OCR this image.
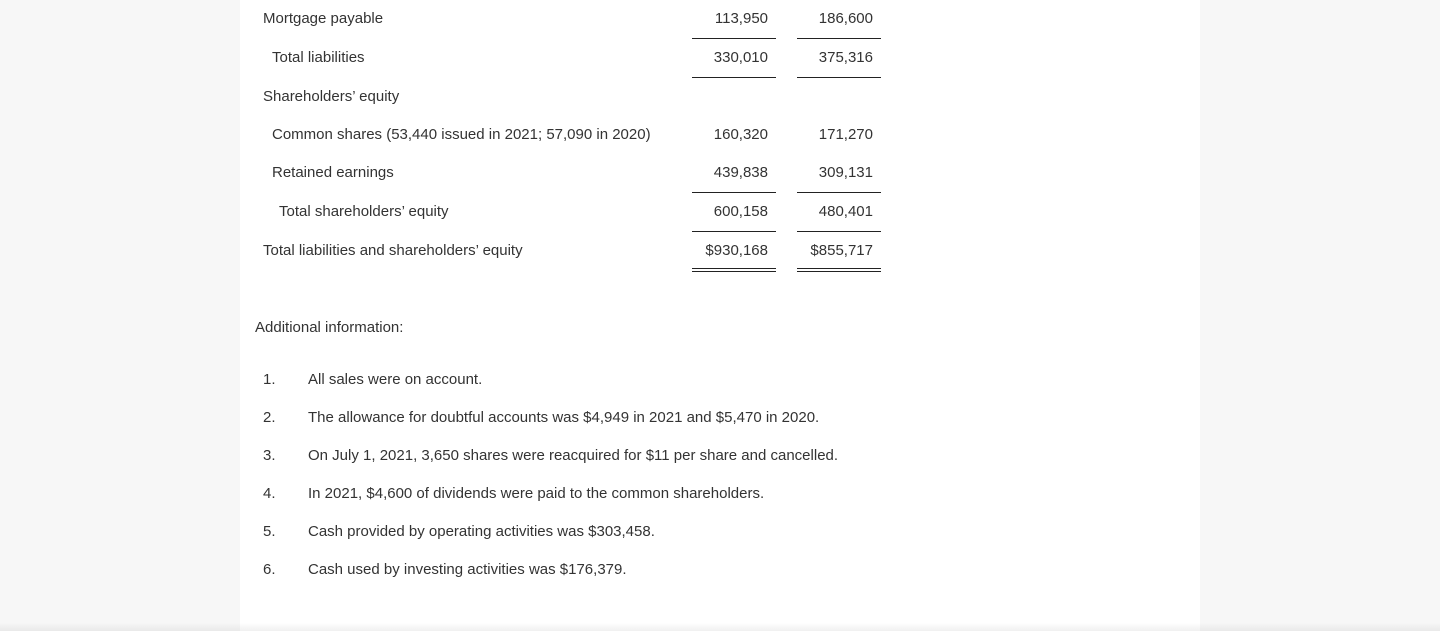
Mortgage payable	113,950	186,600
Total liabilities	330,010	375,316
Shareholders’ equity
Common shares (53,440 issued in 2021; 57,090 in 2020)	160,320	171,270
Retained earnings	439,838	309,131
Total shareholders’ equity	600,158	480,401
Total liabilities and shareholders’ equity	$930,168	$855,717
Additional information:
1. All sales were on account.
2. The allowance for doubtful accounts was $4,949 in 2021 and $5,470 in 2020.
3. On July 1, 2021, 3,650 shares were reacquired for $11 per share and cancelled.
4. In 2021, $4,600 of dividends were paid to the common shareholders.
5. Cash provided by operating activities was $303,458.
6. Cash used by investing activities was $176,379.
